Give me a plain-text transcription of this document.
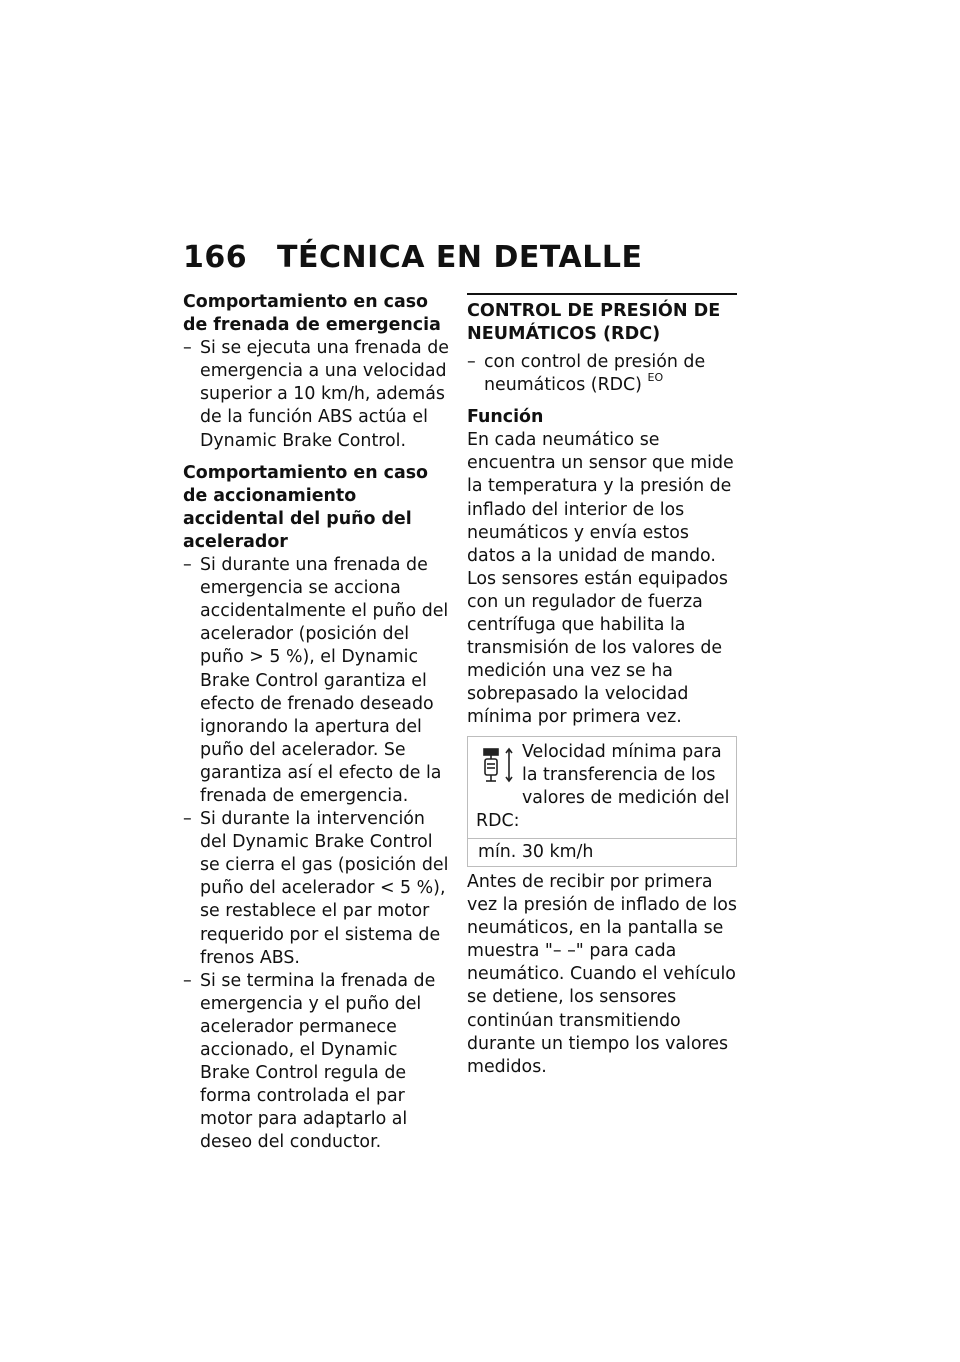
166 TÉCNICA EN DETALLE

Comportamiento en caso de frenada de emergencia

– Si se ejecuta una frenada de emergencia a una velocidad superior a 10 km/h, además de la función ABS actúa el Dynamic Brake Control.

Comportamiento en caso de accionamiento accidental del puño del acelerador

– Si durante una frenada de emergencia se acciona accidentalmente el puño del acelerador (posición del puño > 5 %), el Dynamic Brake Control garantiza el efecto de frenado deseado ignorando la apertura del puño del acelerador. Se garantiza así el efecto de la frenada de emergencia.

– Si durante la intervención del Dynamic Brake Control se cierra el gas (posición del puño del acelerador < 5 %), se restablece el par motor requerido por el sistema de frenos ABS.

– Si se termina la frenada de emergencia y el puño del acelerador permanece accionado, el Dynamic Brake Control regula de forma controlada el par motor para adaptarlo al deseo del conductor.

CONTROL DE PRESIÓN DE NEUMÁTICOS (RDC)

– con control de presión de neumáticos (RDC) $^{EO}$

Función

En cada neumático se encuentra un sensor que mide la temperatura y la presión de inflado del interior de los neumáticos y envía estos datos a la unidad de mando.

Los sensores están equipados con un regulador de fuerza centrífuga que habilita la transmisión de los valores de medición una vez se ha sobrepasado la velocidad mínima por primera vez.

Velocidad mínima para la transferencia de los valores de medición del RDC:
mín. 30 km/h

Antes de recibir por primera vez la presión de inflado de los neumáticos, en la pantalla se muestra "– –" para cada neumático. Cuando el vehículo se detiene, los sensores continúan transmitiendo durante un tiempo los valores medidos.
